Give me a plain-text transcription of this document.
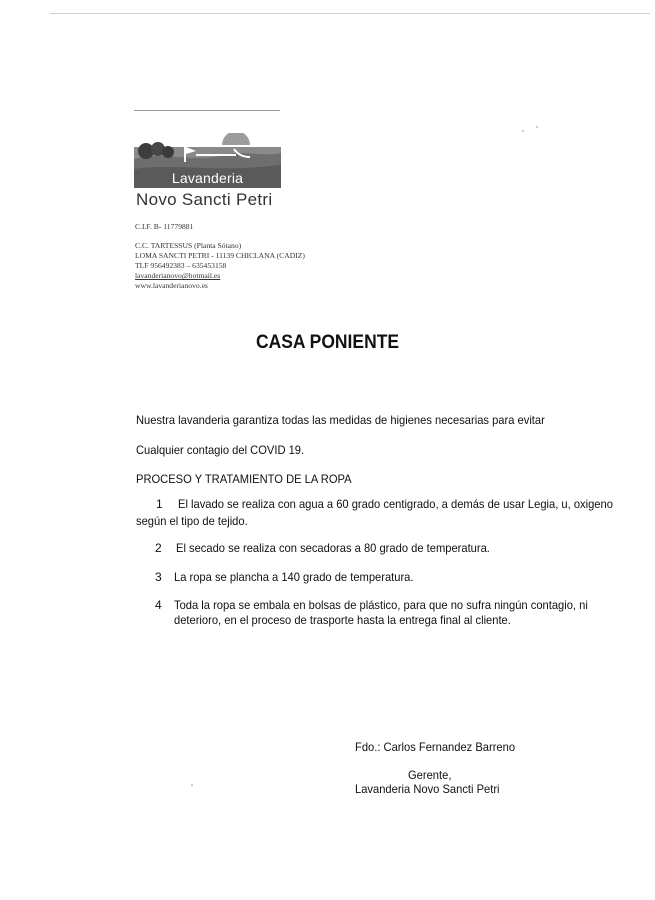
Lavanderia
Novo Sancti Petri
C.I.F. B- 11779881
C.C. TARTESSUS (Planta Sótano)
LOMA SANCTI PETRI - 11139 CHICLANA (CADIZ)
TLF 956492383 – 635453158
lavanderianovo@hotmail.es
www.lavanderianovo.es
CASA PONIENTE
Nuestra lavanderia garantiza todas las medidas de higienes necesarias para evitar
Cualquier contagio del COVID 19.
PROCESO Y TRATAMIENTO DE LA ROPA
1 El lavado se realiza con agua a 60 grado centigrado, a demás de usar Legia, u, oxigeno
según el tipo de tejido.
2 El secado se realiza con secadoras a 80 grado de temperatura.
3 La ropa se plancha a 140 grado de temperatura.
4 Toda la ropa se embala en bolsas de plástico, para que no sufra ningún contagio, ni
deterioro, en el proceso de trasporte hasta la entrega final al cliente.
Fdo.: Carlos Fernandez Barreno
Gerente,
Lavanderia Novo Sancti Petri
